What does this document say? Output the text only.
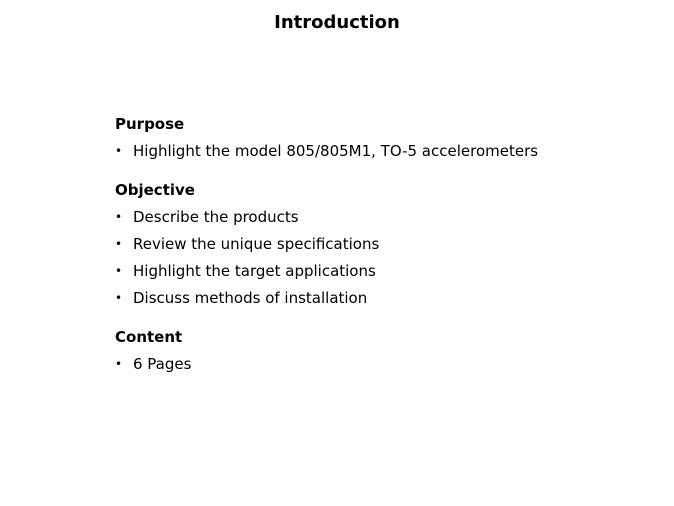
Introduction
Purpose
• Highlight the model 805/805M1, TO-5 accelerometers
Objective
• Describe the products
• Review the unique specifications
• Highlight the target applications
• Discuss methods of installation
Content
• 6 Pages
